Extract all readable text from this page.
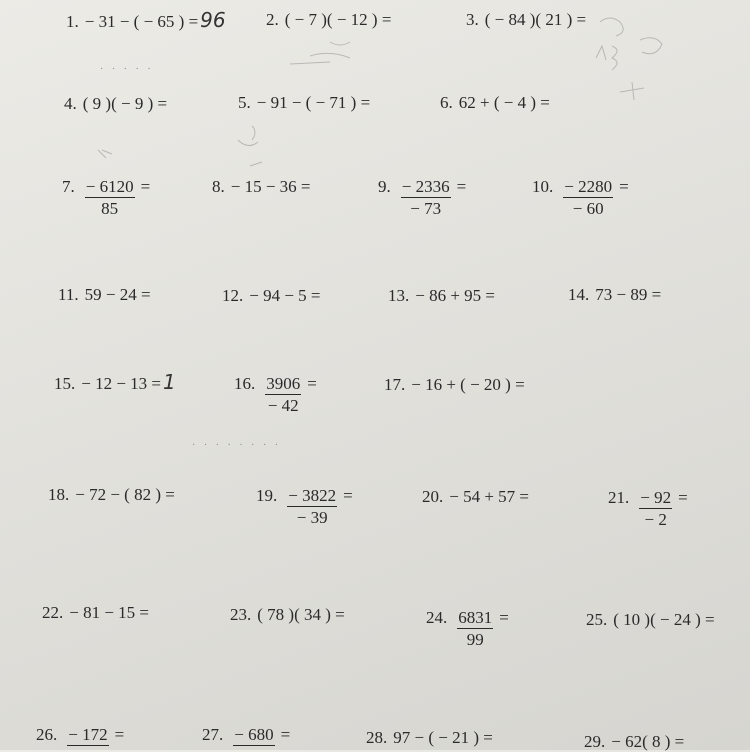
1. − 31 − ( − 65 ) = 96 2. ( − 7 )( − 12 ) =	3. ( − 84 )( 21 ) =
4. ( 9 )( − 9 ) =	5. − 91 − ( − 71 ) =	6. 62 + ( − 4 ) =
7. $\frac{- 6120}{85}$ =	8. − 15 − 36 =	9. $\frac{- 2336}{- 73}$ =	10. $\frac{- 2280}{- 60}$ =
11. 59 − 24 =	12. − 94 − 5 =	13. − 86 + 95 =	14. 73 − 89 =
15. − 12 − 13 = 1	16. $\frac{3906}{- 42}$ =	17. − 16 + ( − 20 ) =
18. − 72 − ( 82 ) =	19. $\frac{- 3822}{- 39}$ =	20. − 54 + 57 =	21. $\frac{- 92}{- 2}$ =
22. − 81 − 15 =	23. ( 78 )( 34 ) =	24. $\frac{6831}{99}$ =	25. ( 10 )( − 24 ) =
26. − 172 =	27. − 680 =	28. 97 − ( − 21 ) =	29. − 62( 8 ) =
· · · · ·
· · · · · · · ·
